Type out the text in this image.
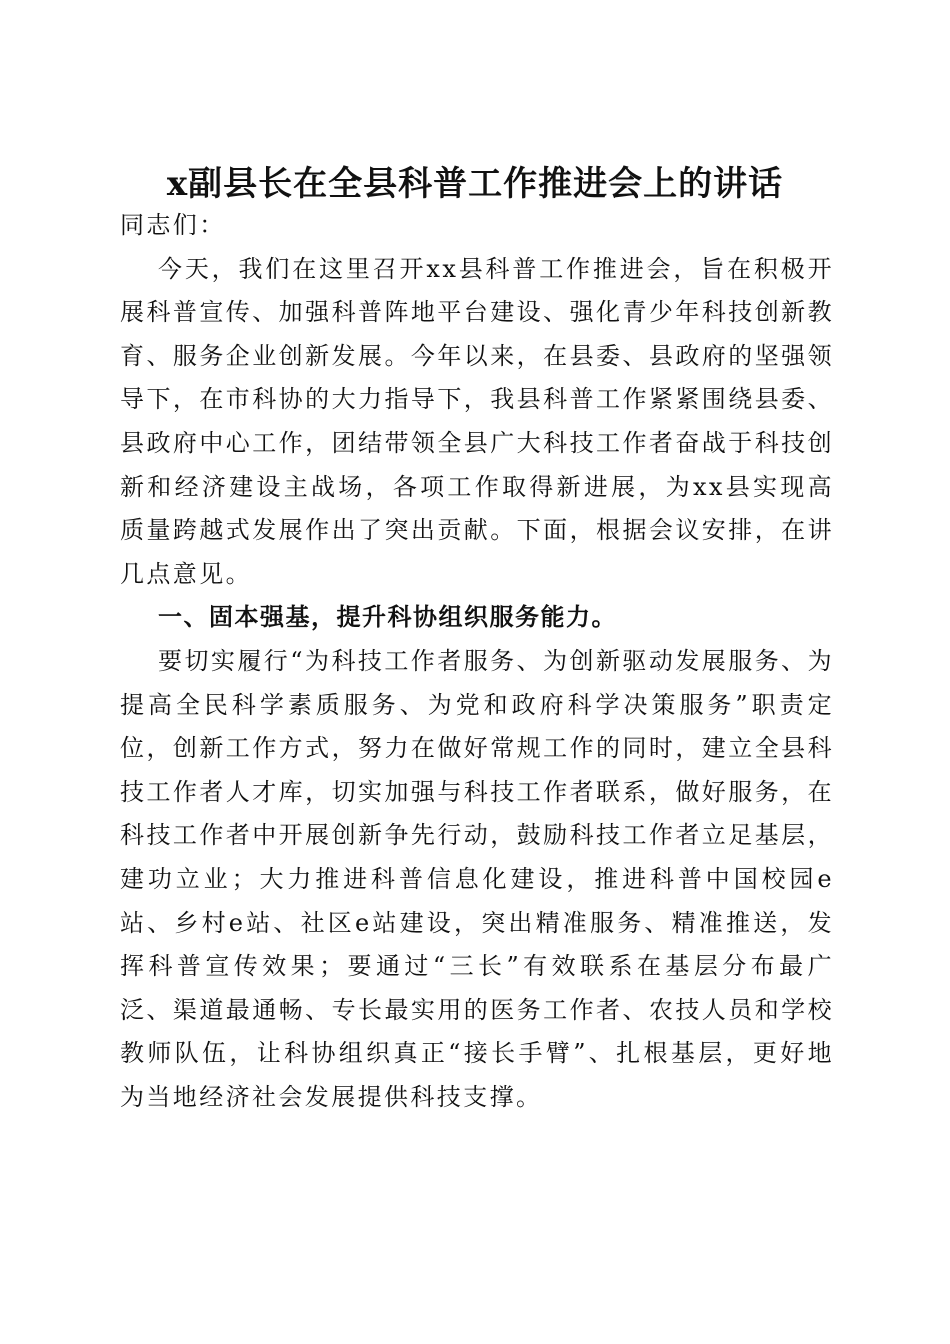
x副县长在全县科普工作推进会上的讲话

同志们：

今天，我们在这里召开xx县科普工作推进会，旨在积极开展科普宣传、加强科普阵地平台建设、强化青少年科技创新教育、服务企业创新发展。今年以来，在县委、县政府的坚强领导下，在市科协的大力指导下，我县科普工作紧紧围绕县委、县政府中心工作，团结带领全县广大科技工作者奋战于科技创新和经济建设主战场，各项工作取得新进展，为xx县实现高质量跨越式发展作出了突出贡献。下面，根据会议安排，在讲几点意见。

一、固本强基，提升科协组织服务能力。

要切实履行“为科技工作者服务、为创新驱动发展服务、为提高全民科学素质服务、为党和政府科学决策服务”职责定位，创新工作方式，努力在做好常规工作的同时，建立全县科技工作者人才库，切实加强与科技工作者联系，做好服务，在科技工作者中开展创新争先行动，鼓励科技工作者立足基层，建功立业；大力推进科普信息化建设，推进科普中国校园e站、乡村e站、社区e站建设，突出精准服务、精准推送，发挥科普宣传效果；要通过“三长”有效联系在基层分布最广泛、渠道最通畅、专长最实用的医务工作者、农技人员和学校教师队伍，让科协组织真正“接长手臂”、扎根基层，更好地为当地经济社会发展提供科技支撑。
